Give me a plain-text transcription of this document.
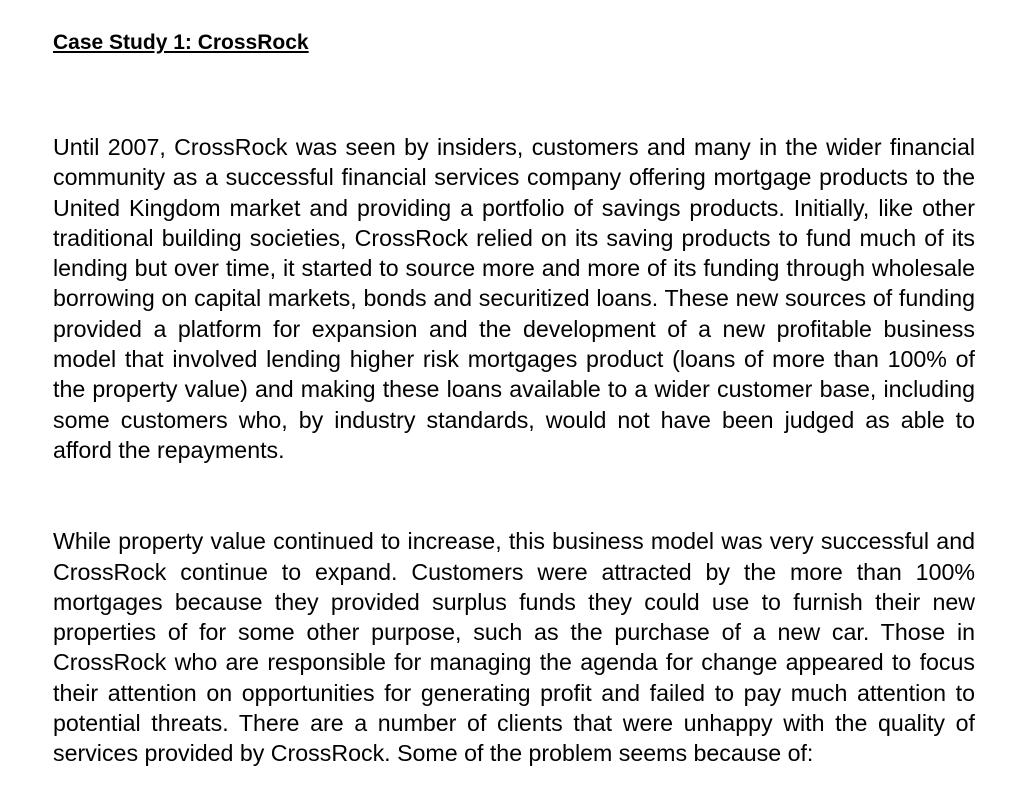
Case Study 1: CrossRock

Until 2007, CrossRock was seen by insiders, customers and many in the wider financial community as a successful financial services company offering mortgage products to the United Kingdom market and providing a portfolio of savings products. Initially, like other traditional building societies, CrossRock relied on its saving products to fund much of its lending but over time, it started to source more and more of its funding through wholesale borrowing on capital markets, bonds and securitized loans. These new sources of funding provided a platform for expansion and the development of a new profitable business model that involved lending higher risk mortgages product (loans of more than 100% of the property value) and making these loans available to a wider customer base, including some customers who, by industry standards, would not have been judged as able to afford the repayments.

While property value continued to increase, this business model was very successful and CrossRock continue to expand. Customers were attracted by the more than 100% mortgages because they provided surplus funds they could use to furnish their new properties of for some other purpose, such as the purchase of a new car. Those in CrossRock who are responsible for managing the agenda for change appeared to focus their attention on opportunities for generating profit and failed to pay much attention to potential threats. There are a number of clients that were unhappy with the quality of services provided by CrossRock. Some of the problem seems because of:
